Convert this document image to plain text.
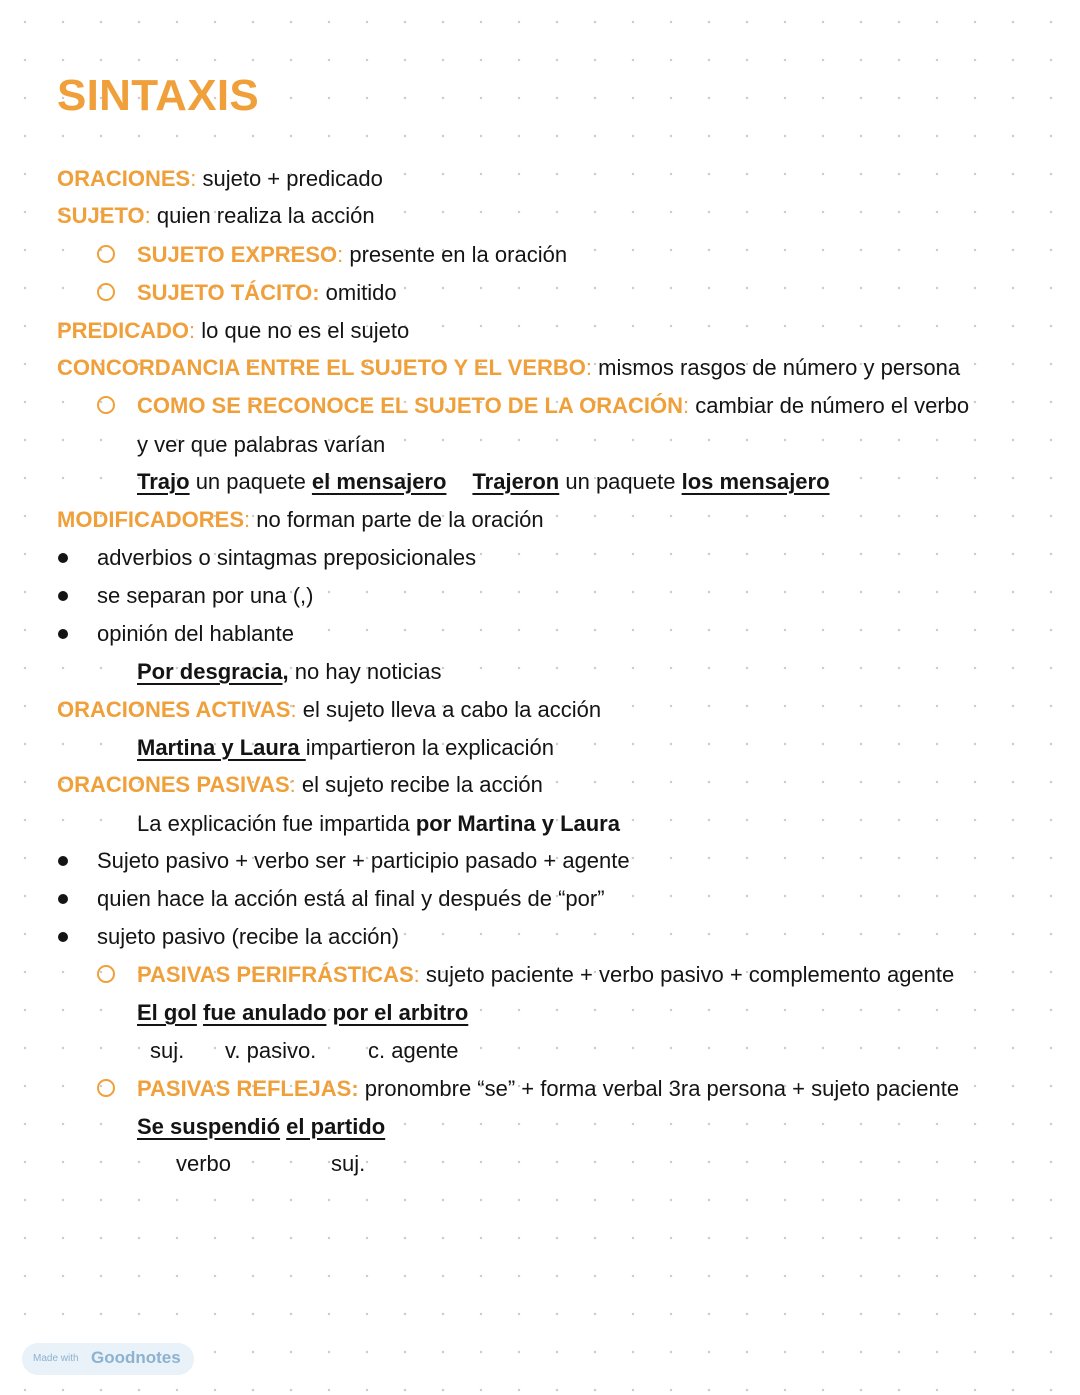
SINTAXIS
ORACIONES: sujeto + predicado
SUJETO: quien realiza la acción
SUJETO EXPRESO: presente en la oración
SUJETO TÁCITO: omitido
PREDICADO: lo que no es el sujeto
CONCORDANCIA ENTRE EL SUJETO Y EL VERBO: mismos rasgos de número y persona
COMO SE RECONOCE EL SUJETO DE LA ORACIÓN: cambiar de número el verbo
y ver que palabras varían
Trajo un paquete el mensajero Trajeron un paquete los mensajero
MODIFICADORES: no forman parte de la oración
adverbios o sintagmas preposicionales
se separan por una (,)
opinión del hablante
Por desgracia, no hay noticias
ORACIONES ACTIVAS: el sujeto lleva a cabo la acción
Martina y Laura impartieron la explicación
ORACIONES PASIVAS: el sujeto recibe la acción
La explicación fue impartida por Martina y Laura
Sujeto pasivo + verbo ser + participio pasado + agente
quien hace la acción está al final y después de “por”
sujeto pasivo (recibe la acción)
PASIVAS PERIFRÁSTICAS: sujeto paciente + verbo pasivo + complemento agente
El gol fue anulado por el arbitro
suj. v. pasivo. c. agente
PASIVAS REFLEJAS: pronombre “se” + forma verbal 3ra persona + sujeto paciente
Se suspendió el partido
verbo	suj.
Made with Goodnotes
